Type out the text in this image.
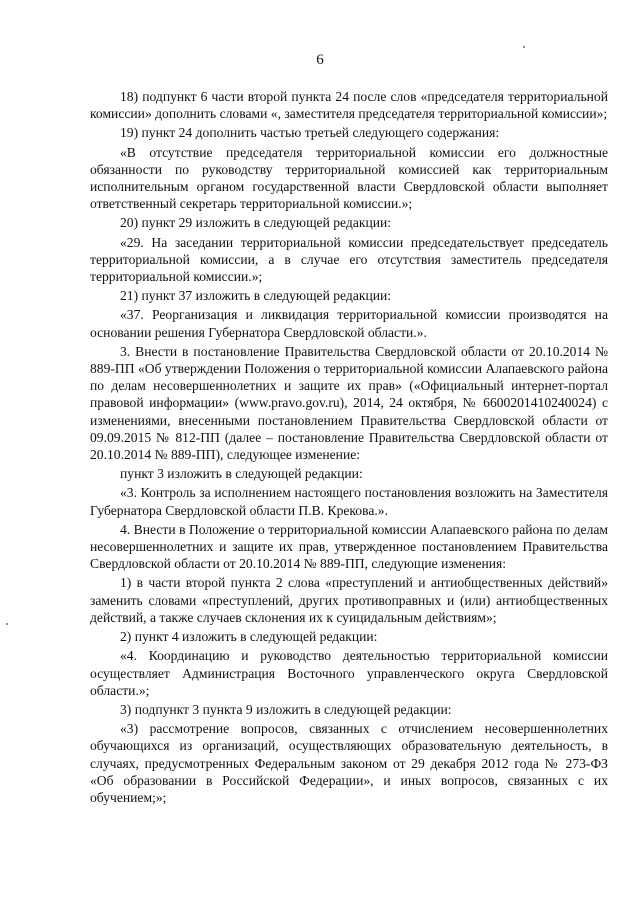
6

18) подпункт 6 части второй пункта 24 после слов «председателя территориальной комиссии» дополнить словами «, заместителя председателя территориальной комиссии»;

19) пункт 24 дополнить частью третьей следующего содержания:

«В отсутствие председателя территориальной комиссии его должностные обязанности по руководству территориальной комиссией как территориальным исполнительным органом государственной власти Свердловской области выполняет ответственный секретарь территориальной комиссии.»;

20) пункт 29 изложить в следующей редакции:

«29. На заседании территориальной комиссии председательствует председатель территориальной комиссии, а в случае его отсутствия заместитель председателя территориальной комиссии.»;

21) пункт 37 изложить в следующей редакции:

«37. Реорганизация и ликвидация территориальной комиссии производятся на основании решения Губернатора Свердловской области.».

3. Внести в постановление Правительства Свердловской области от 20.10.2014 № 889-ПП «Об утверждении Положения о территориальной комиссии Алапаевского района по делам несовершеннолетних и защите их прав» («Официальный интернет-портал правовой информации» (www.pravo.gov.ru), 2014, 24 октября, № 6600201410240024) с изменениями, внесенными постановлением Правительства Свердловской области от 09.09.2015 № 812-ПП (далее – постановление Правительства Свердловской области от 20.10.2014 № 889-ПП), следующее изменение:

пункт 3 изложить в следующей редакции:

«3. Контроль за исполнением настоящего постановления возложить на Заместителя Губернатора Свердловской области П.В. Крекова.».

4. Внести в Положение о территориальной комиссии Алапаевского района по делам несовершеннолетних и защите их прав, утвержденное постановлением Правительства Свердловской области от 20.10.2014 № 889-ПП, следующие изменения:

1) в части второй пункта 2 слова «преступлений и антиобщественных действий» заменить словами «преступлений, других противоправных и (или) антиобщественных действий, а также случаев склонения их к суицидальным действиям»;

2) пункт 4 изложить в следующей редакции:

«4. Координацию и руководство деятельностью территориальной комиссии осуществляет Администрация Восточного управленческого округа Свердловской области.»;

3) подпункт 3 пункта 9 изложить в следующей редакции:

«3) рассмотрение вопросов, связанных с отчислением несовершеннолетних обучающихся из организаций, осуществляющих образовательную деятельность, в случаях, предусмотренных Федеральным законом от 29 декабря 2012 года № 273-ФЗ «Об образовании в Российской Федерации», и иных вопросов, связанных с их обучением;»;
